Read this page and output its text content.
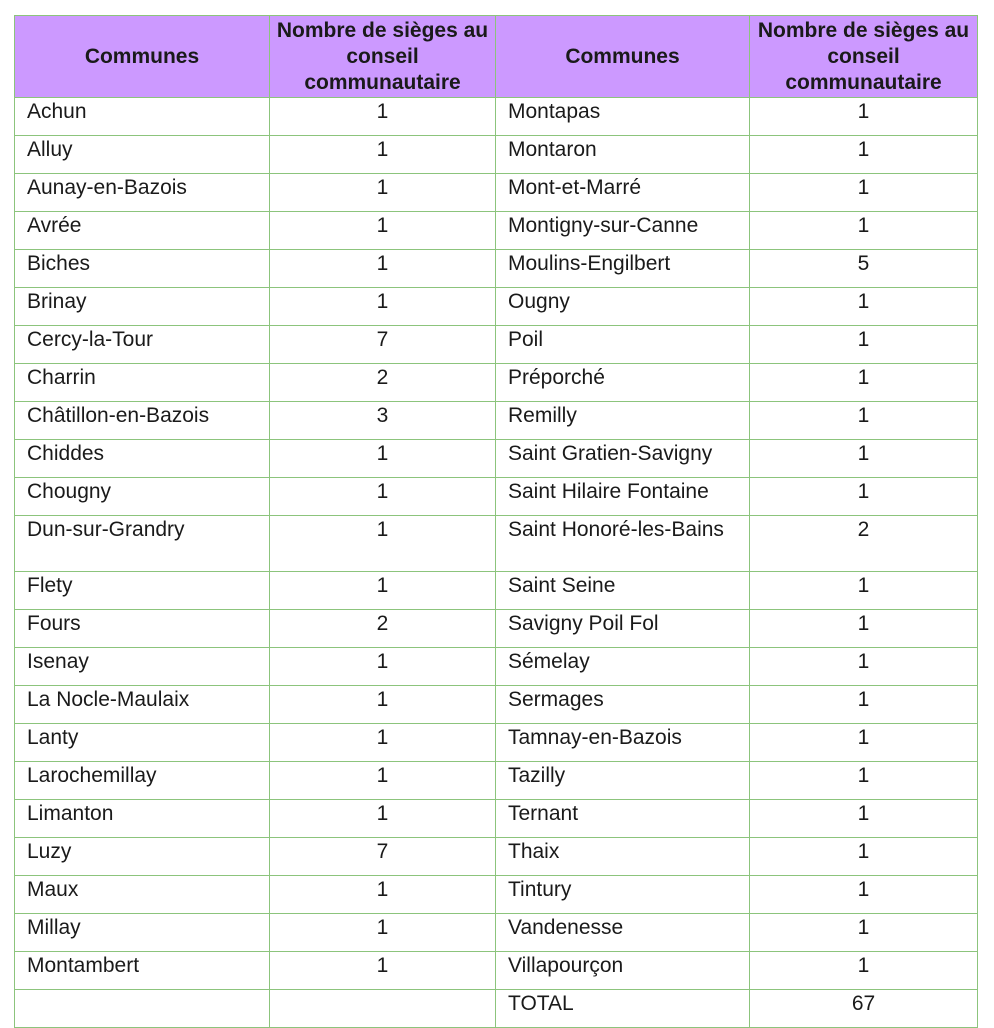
Communes	Nombre de sièges au conseil communautaire	Communes	Nombre de sièges au conseil communautaire
Achun	1	Montapas	1
Alluy	1	Montaron	1
Aunay-en-Bazois	1	Mont-et-Marré	1
Avrée	1	Montigny-sur-Canne	1
Biches	1	Moulins-Engilbert	5
Brinay	1	Ougny	1
Cercy-la-Tour	7	Poil	1
Charrin	2	Préporché	1
Châtillon-en-Bazois	3	Remilly	1
Chiddes	1	Saint Gratien-Savigny	1
Chougny	1	Saint Hilaire Fontaine	1
Dun-sur-Grandry	1	Saint Honoré-les-Bains	2
Flety	1	Saint Seine	1
Fours	2	Savigny Poil Fol	1
Isenay	1	Sémelay	1
La Nocle-Maulaix	1	Sermages	1
Lanty	1	Tamnay-en-Bazois	1
Larochemillay	1	Tazilly	1
Limanton	1	Ternant	1
Luzy	7	Thaix	1
Maux	1	Tintury	1
Millay	1	Vandenesse	1
Montambert	1	Villapourçon	1
		TOTAL	67
